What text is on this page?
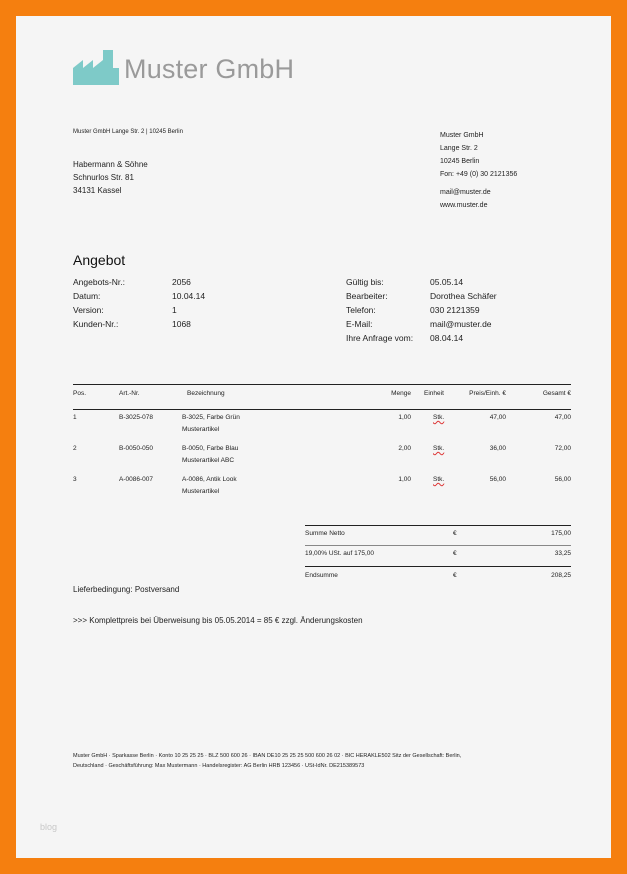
Muster GmbH
Muster GmbH Lange Str. 2 | 10245 Berlin
Habermann & Söhne
Schnurlos Str. 81
34131 Kassel
Muster GmbH
Lange Str. 2
10245 Berlin
Fon: +49 (0) 30 2121356
mail@muster.de
www.muster.de
Angebot
Angebots-Nr.:	2056
Datum:	10.04.14
Version:	1
Kunden-Nr.:	1068
Gültig bis:	05.05.14
Bearbeiter:	Dorothea Schäfer
Telefon:	030 2121359
E-Mail:	mail@muster.de
Ihre Anfrage vom: 08.04.14
Pos.	Art.-Nr.	Bezeichnung	Menge Einheit	Preis/Einh. €	Gesamt €
1	B-3025-078	B-3025, Farbe Grün
Musterartikel
1,00	Stk.	47,00	47,00
2	B-0050-050	B-0050, Farbe Blau
Musterartikel ABC
2,00	Stk.	36,00	72,00
3	A-0086-007	A-0086, Antik Look
Musterartikel
1,00	Stk.	56,00	56,00
Summe Netto	€	175,00
19,00% USt. auf 175,00	€	33,25
Endsumme	€	208,25
Lieferbedingung: Postversand
>>> Komplettpreis bei Überweisung bis 05.05.2014 = 85 € zzgl. Änderungskosten
Muster GmbH · Sparkasse Berlin · Konto 10 25 25 25 · BLZ 500 600 26 · IBAN DE10 25 25 25 500 600 26 02 · BIC HERAKLE502 Sitz der Gesellschaft: Berlin,
Deutschland · Geschäftsführung: Max Mustermann · Handelsregister: AG Berlin HRB 123456 · USt-IdNr. DE215389573
blog
